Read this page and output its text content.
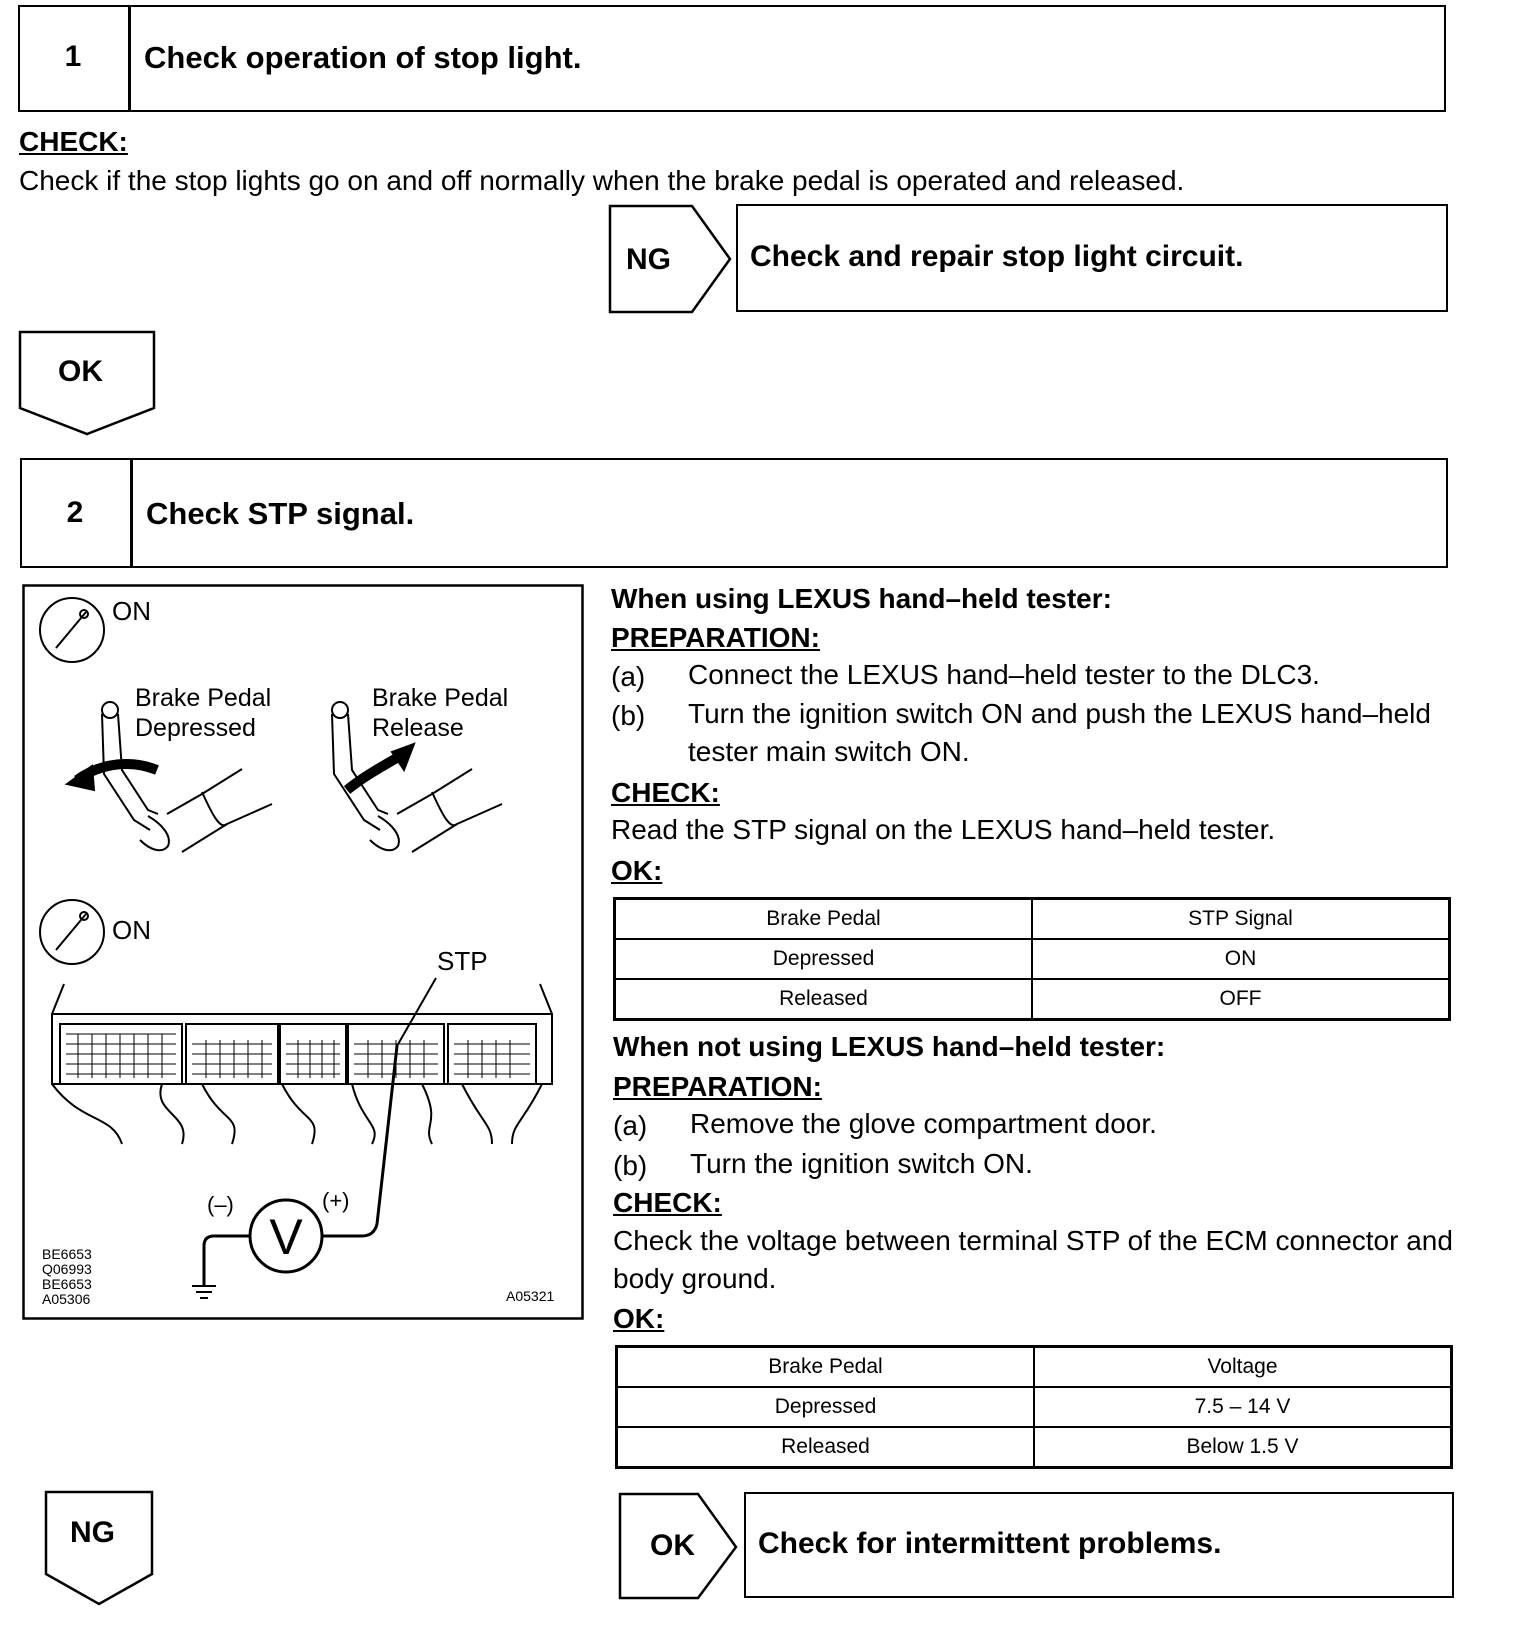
1	Check operation of stop light.
CHECK:
Check if the stop lights go on and off normally when the brake pedal is operated and released.
NG	Check and repair stop light circuit.
OK
2	Check STP signal.
ON
Brake Pedal
Depressed
Brake Pedal
Release
ON
STP
V
(–)	(+)
BE6653
Q06993
BE6653
A05306	A05321
When using LEXUS hand–held tester:
PREPARATION:
(a) Connect the LEXUS hand–held tester to the DLC3.
(b) Turn the ignition switch ON and push the LEXUS hand–held tester main switch ON.
CHECK:
Read the STP signal on the LEXUS hand–held tester.
OK:
Brake Pedal	STP Signal
Depressed	ON
Released	OFF
When not using LEXUS hand–held tester:
PREPARATION:
(a) Remove the glove compartment door.
(b) Turn the ignition switch ON.
CHECK:
Check the voltage between terminal STP of the ECM connector and body ground.
OK:
Brake Pedal	Voltage
Depressed	7.5 – 14 V
Released	Below 1.5 V
NG	OK Check for intermittent problems.
